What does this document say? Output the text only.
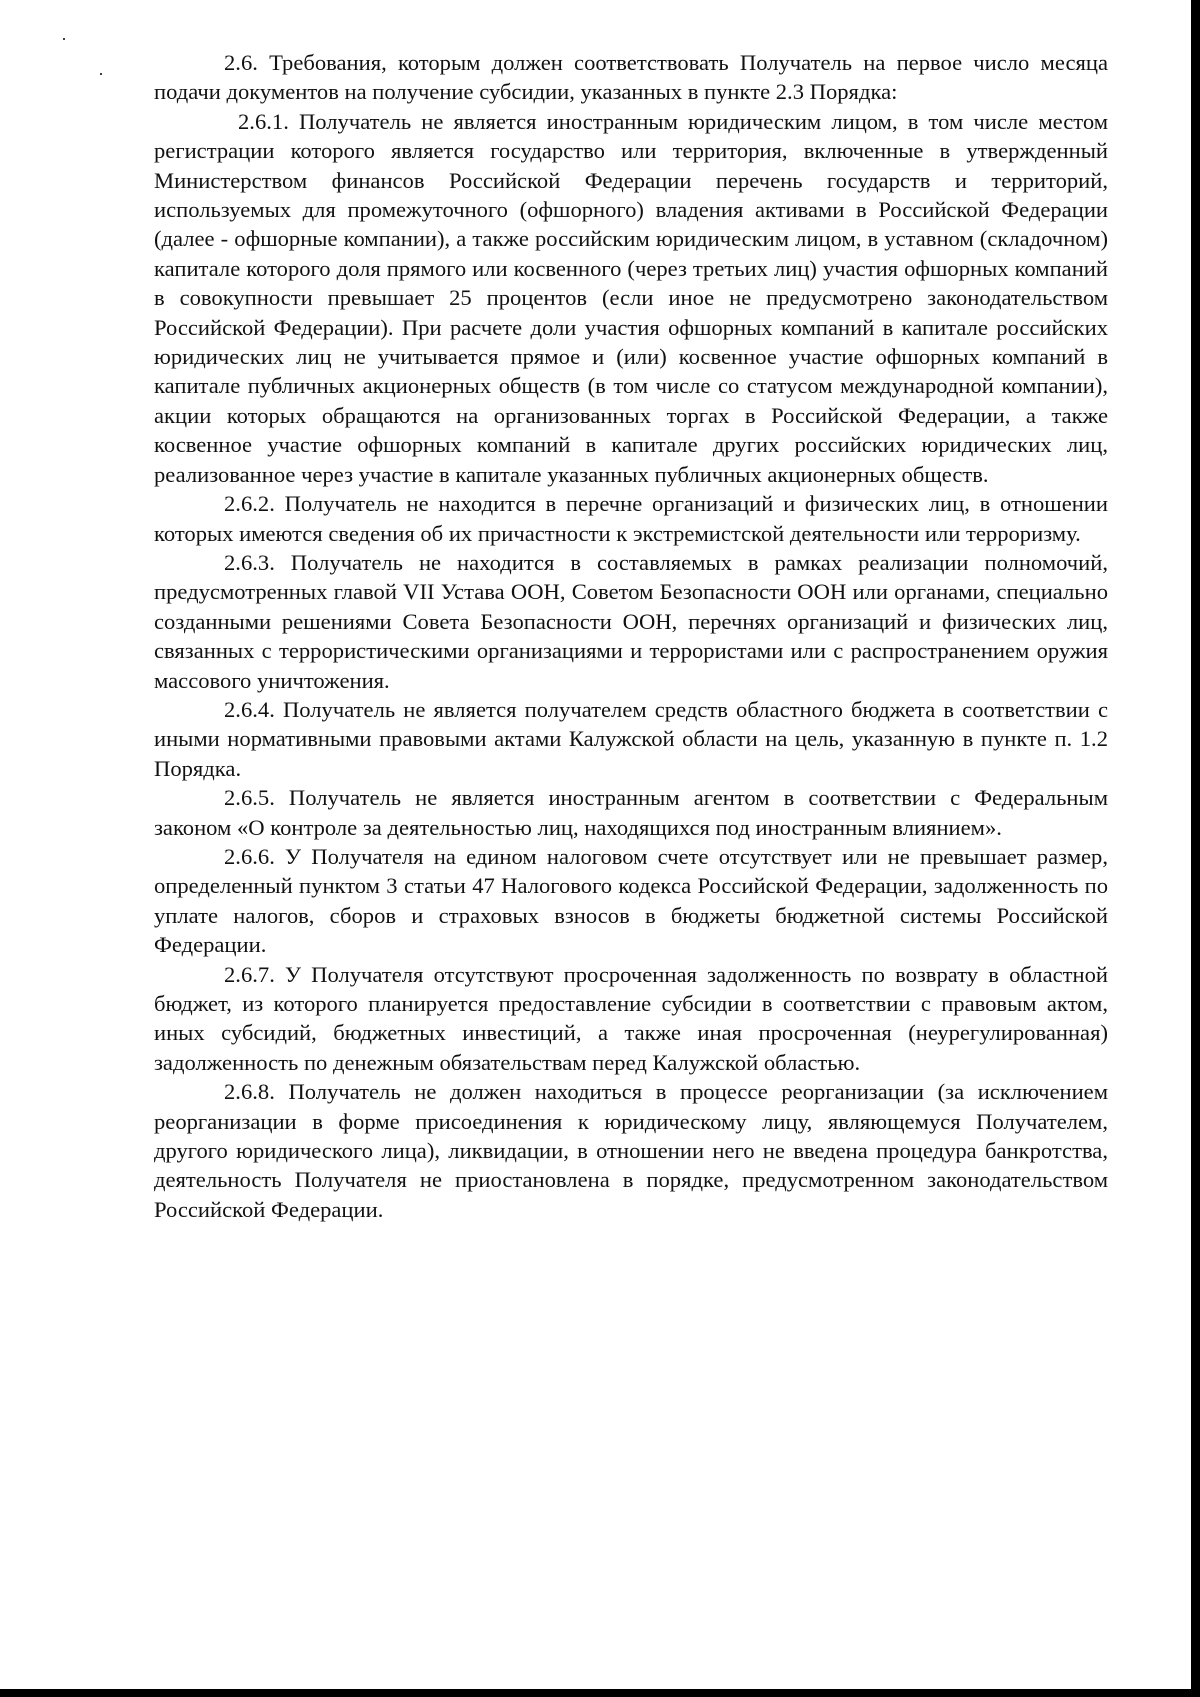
2.6. Требования, которым должен соответствовать Получатель на первое число месяца подачи документов на получение субсидии, указанных в пункте 2.3 Порядка:

2.6.1. Получатель не является иностранным юридическим лицом, в том числе местом регистрации которого является государство или территория, включенные в утвержденный Министерством финансов Российской Федерации перечень государств и территорий, используемых для промежуточного (офшорного) владения активами в Российской Федерации (далее - офшорные компании), а также российским юридическим лицом, в уставном (складочном) капитале которого доля прямого или косвенного (через третьих лиц) участия офшорных компаний в совокупности превышает 25 процентов (если иное не предусмотрено законодательством Российской Федерации). При расчете доли участия офшорных компаний в капитале российских юридических лиц не учитывается прямое и (или) косвенное участие офшорных компаний в капитале публичных акционерных обществ (в том числе со статусом международной компании), акции которых обращаются на организованных торгах в Российской Федерации, а также косвенное участие офшорных компаний в капитале других российских юридических лиц, реализованное через участие в капитале указанных публичных акционерных обществ.

2.6.2. Получатель не находится в перечне организаций и физических лиц, в отношении которых имеются сведения об их причастности к экстремистской деятельности или терроризму.

2.6.3. Получатель не находится в составляемых в рамках реализации полномочий, предусмотренных главой VII Устава ООН, Советом Безопасности ООН или органами, специально созданными решениями Совета Безопасности ООН, перечнях организаций и физических лиц, связанных с террористическими организациями и террористами или с распространением оружия массового уничтожения.

2.6.4. Получатель не является получателем средств областного бюджета в соответствии с иными нормативными правовыми актами Калужской области на цель, указанную в пункте п. 1.2 Порядка.

2.6.5. Получатель не является иностранным агентом в соответствии с Федеральным законом «О контроле за деятельностью лиц, находящихся под иностранным влиянием».

2.6.6. У Получателя на едином налоговом счете отсутствует или не превышает размер, определенный пунктом 3 статьи 47 Налогового кодекса Российской Федерации, задолженность по уплате налогов, сборов и страховых взносов в бюджеты бюджетной системы Российской Федерации.

2.6.7. У Получателя отсутствуют просроченная задолженность по возврату в областной бюджет, из которого планируется предоставление субсидии в соответствии с правовым актом, иных субсидий, бюджетных инвестиций, а также иная просроченная (неурегулированная) задолженность по денежным обязательствам перед Калужской областью.

2.6.8. Получатель не должен находиться в процессе реорганизации (за исключением реорганизации в форме присоединения к юридическому лицу, являющемуся Получателем, другого юридического лица), ликвидации, в отношении него не введена процедура банкротства, деятельность Получателя не приостановлена в порядке, предусмотренном законодательством Российской Федерации.
